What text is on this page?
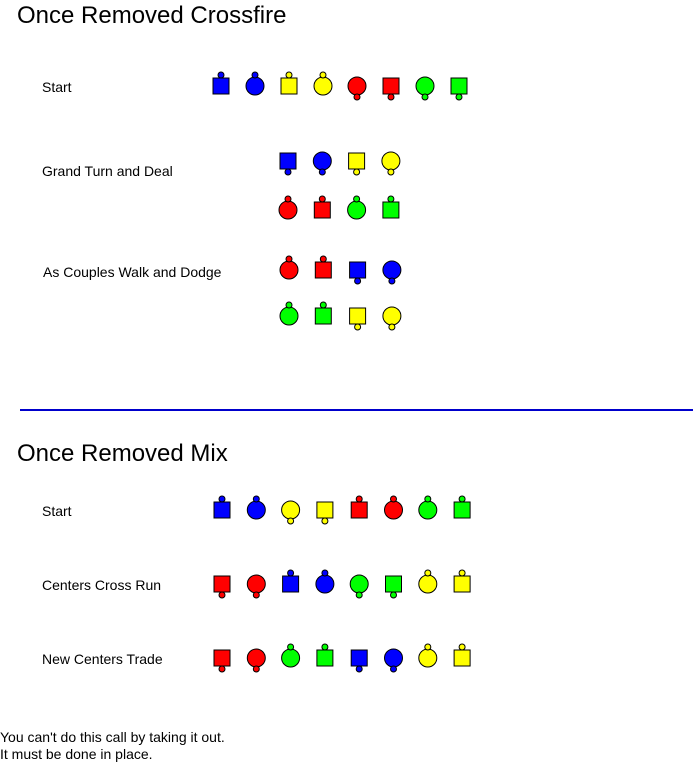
Once Removed Crossfire
Start
Grand Turn and Deal
As Couples Walk and Dodge
Once Removed Mix
Start
Centers Cross Run
New Centers Trade
You can't do this call by taking it out.
It must be done in place.
